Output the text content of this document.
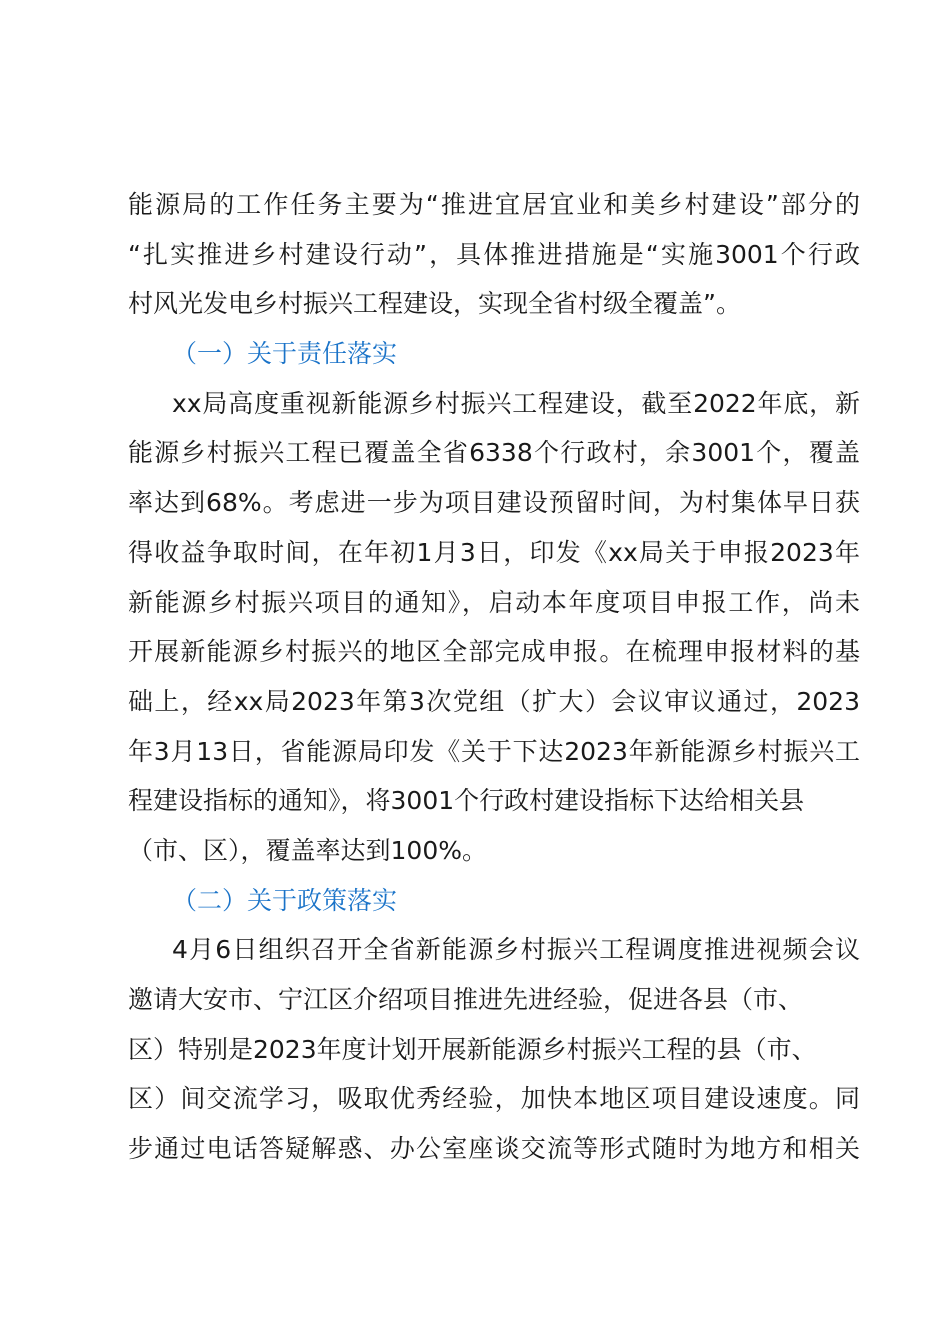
能源局的工作任务主要为“推进宜居宜业和美乡村建设”部分的
“扎实推进乡村建设行动”，具体推进措施是“实施3001个行政
村风光发电乡村振兴工程建设，实现全省村级全覆盖”。
（一）关于责任落实
xx局高度重视新能源乡村振兴工程建设，截至2022年底，新
能源乡村振兴工程已覆盖全省6338个行政村，余3001个，覆盖
率达到68%。考虑进一步为项目建设预留时间，为村集体早日获
得收益争取时间，在年初1月3日，印发《xx局关于申报2023年
新能源乡村振兴项目的通知》，启动本年度项目申报工作，尚未
开展新能源乡村振兴的地区全部完成申报。在梳理申报材料的基
础上，经xx局2023年第3次党组（扩大）会议审议通过，2023
年3月13日，省能源局印发《关于下达2023年新能源乡村振兴工
程建设指标的通知》，将3001个行政村建设指标下达给相关县
（市、区），覆盖率达到100%。
（二）关于政策落实
4月6日组织召开全省新能源乡村振兴工程调度推进视频会议
邀请大安市、宁江区介绍项目推进先进经验，促进各县（市、
区）特别是2023年度计划开展新能源乡村振兴工程的县（市、
区）间交流学习，吸取优秀经验，加快本地区项目建设速度。同
步通过电话答疑解惑、办公室座谈交流等形式随时为地方和相关
